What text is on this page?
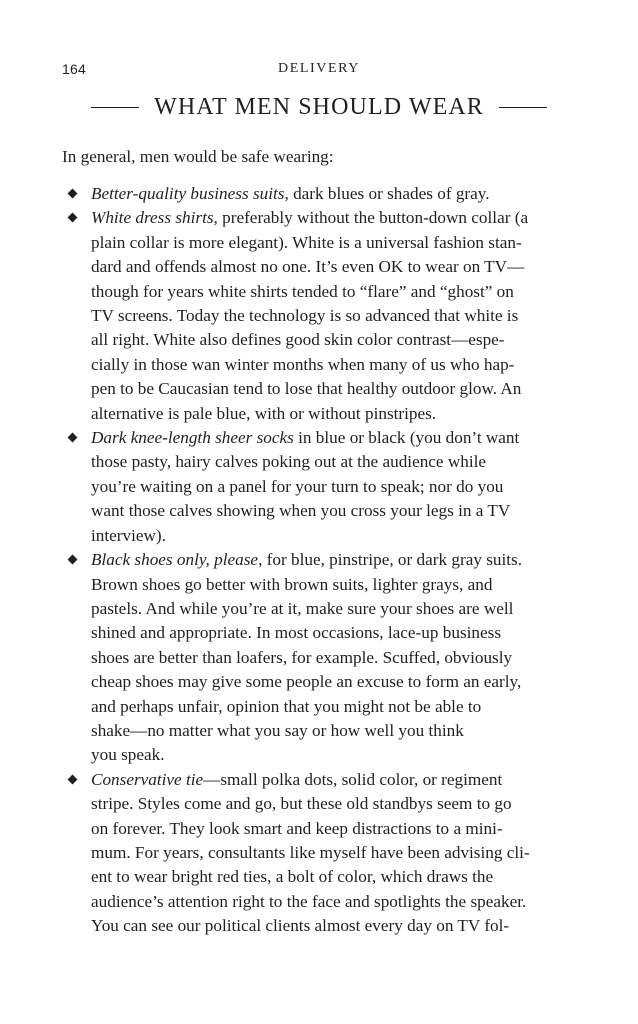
164	DELIVERY
WHAT MEN SHOULD WEAR
In general, men would be safe wearing:
Better-quality business suits, dark blues or shades of gray.
White dress shirts, preferably without the button-down collar (a
plain collar is more elegant). White is a universal fashion stan-
dard and offends almost no one. It’s even OK to wear on TV—
though for years white shirts tended to “flare” and “ghost” on
TV screens. Today the technology is so advanced that white is
all right. White also defines good skin color contrast—espe-
cially in those wan winter months when many of us who hap-
pen to be Caucasian tend to lose that healthy outdoor glow. An
alternative is pale blue, with or without pinstripes.
Dark knee-length sheer socks in blue or black (you don’t want
those pasty, hairy calves poking out at the audience while
you’re waiting on a panel for your turn to speak; nor do you
want those calves showing when you cross your legs in a TV
interview).
Black shoes only, please, for blue, pinstripe, or dark gray suits.
Brown shoes go better with brown suits, lighter grays, and
pastels. And while you’re at it, make sure your shoes are well
shined and appropriate. In most occasions, lace-up business
shoes are better than loafers, for example. Scuffed, obviously
cheap shoes may give some people an excuse to form an early,
and perhaps unfair, opinion that you might not be able to
shake—no matter what you say or how well you think
you speak.
Conservative tie—small polka dots, solid color, or regiment
stripe. Styles come and go, but these old standbys seem to go
on forever. They look smart and keep distractions to a mini-
mum. For years, consultants like myself have been advising cli-
ent to wear bright red ties, a bolt of color, which draws the
audience’s attention right to the face and spotlights the speaker.
You can see our political clients almost every day on TV fol-
